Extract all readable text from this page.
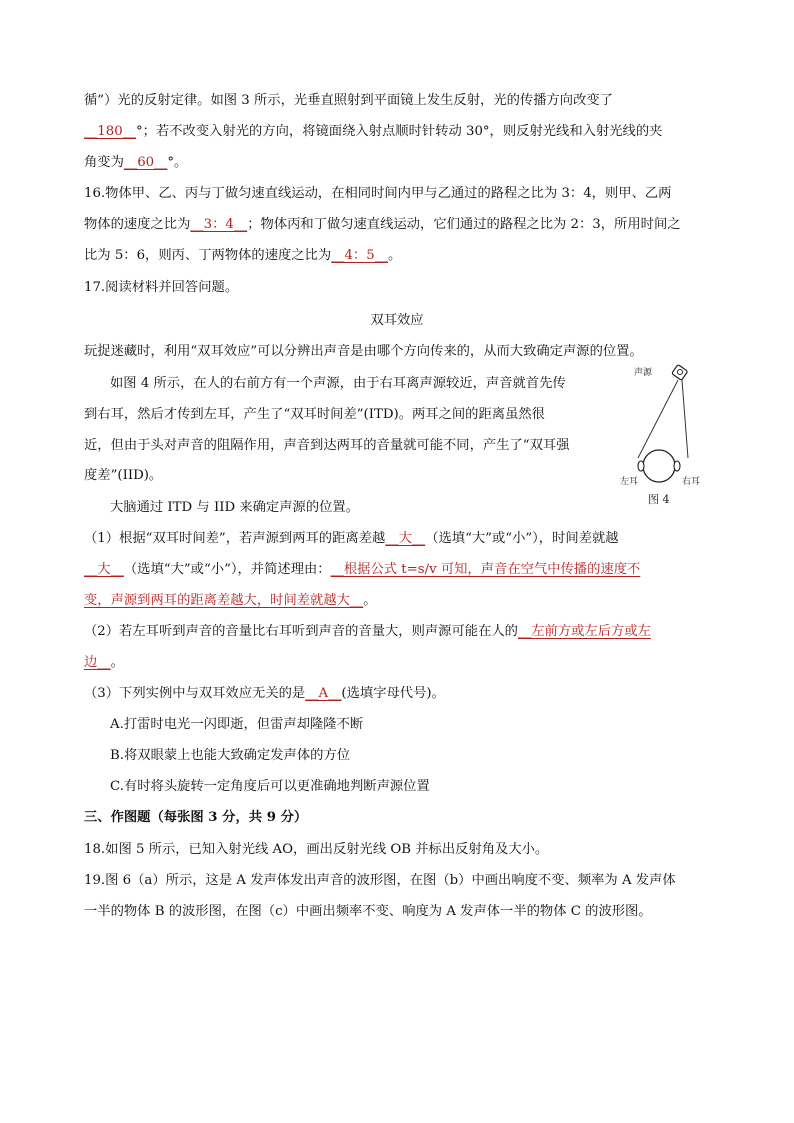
循”）光的反射定律。如图 3 所示，光垂直照射到平面镜上发生反射，光的传播方向改变了
__180__°；若不改变入射光的方向，将镜面绕入射点顺时针转动 30°，则反射光线和入射光线的夹
角变为__60__°。
16.物体甲、乙、丙与丁做匀速直线运动，在相同时间内甲与乙通过的路程之比为 3：4，则甲、乙两
物体的速度之比为__3：4__；物体丙和丁做匀速直线运动，它们通过的路程之比为 2：3，所用时间之
比为 5：6，则丙、丁两物体的速度之比为__4：5__。
17.阅读材料并回答问题。
双耳效应
玩捉迷藏时，利用“双耳效应”可以分辨出声音是由哪个方向传来的，从而大致确定声源的位置。
如图 4 所示，在人的右前方有一个声源，由于右耳离声源较近，声音就首先传
到右耳，然后才传到左耳，产生了“双耳时间差”(ITD)。两耳之间的距离虽然很
近，但由于头对声音的阻隔作用，声音到达两耳的音量就可能不同，产生了“双耳强
度差”(IID)。
大脑通过 ITD 与 IID 来确定声源的位置。
声源
左耳	右耳
图 4
（1）根据“双耳时间差”，若声源到两耳的距离差越__大__（选填“大”或“小”），时间差就越
__大__（选填“大”或“小”），并简述理由：__根据公式 t=s/v 可知，声音在空气中传播的速度不
变，声源到两耳的距离差越大，时间差就越大__。
（2）若左耳听到声音的音量比右耳听到声音的音量大，则声源可能在人的__左前方或左后方或左
边__。
（3）下列实例中与双耳效应无关的是__A__(选填字母代号)。
A.打雷时电光一闪即逝，但雷声却隆隆不断
B.将双眼蒙上也能大致确定发声体的方位
C.有时将头旋转一定角度后可以更准确地判断声源位置
三、作图题（每张图 3 分，共 9 分）
18.如图 5 所示，已知入射光线 AO，画出反射光线 OB 并标出反射角及大小。
19.图 6（a）所示，这是 A 发声体发出声音的波形图，在图（b）中画出响度不变、频率为 A 发声体
一半的物体 B 的波形图，在图（c）中画出频率不变、响度为 A 发声体一半的物体 C 的波形图。
